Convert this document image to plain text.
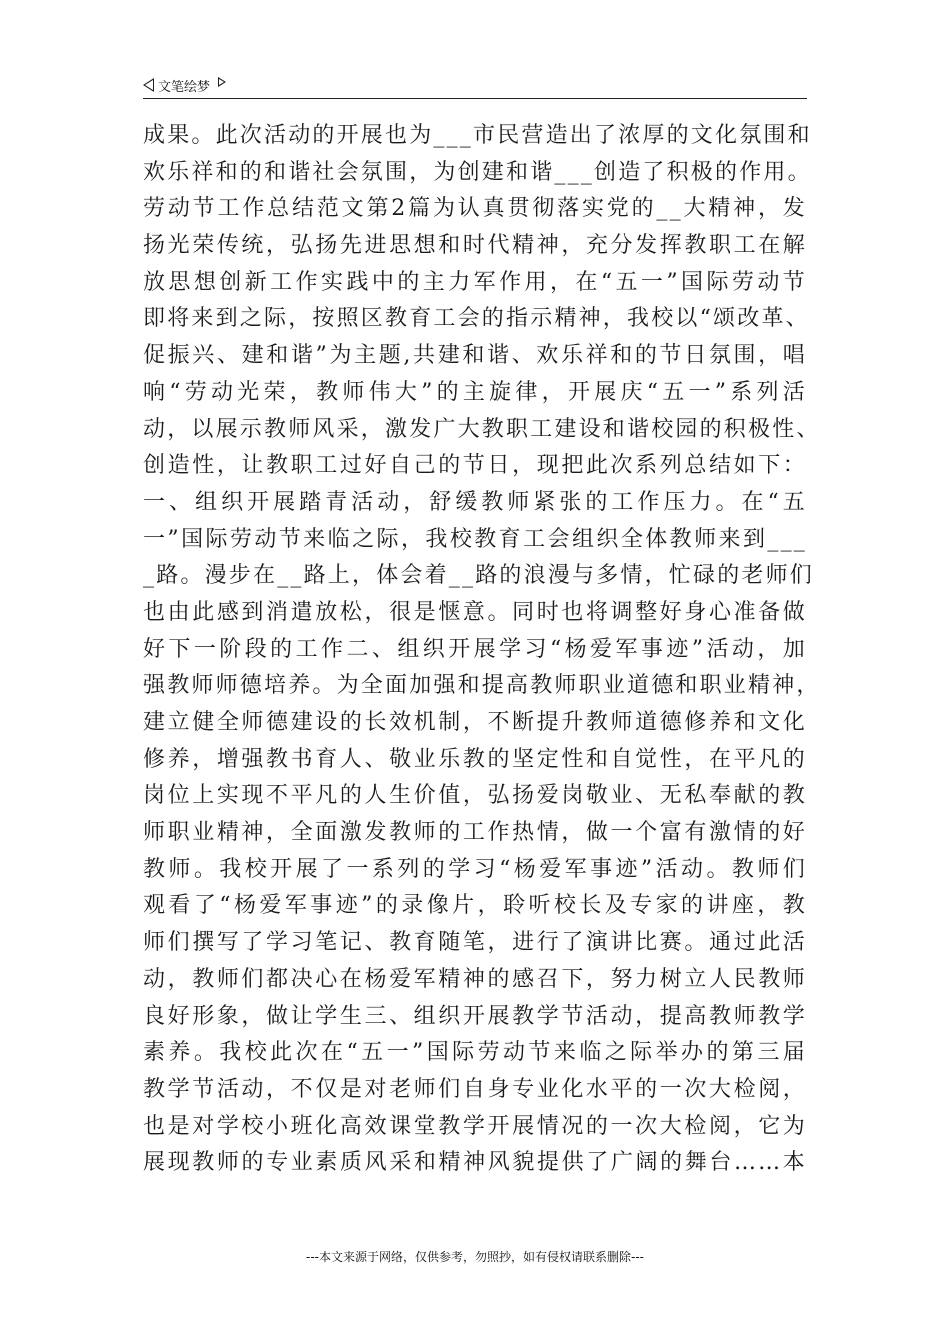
文笔绘梦
成果。此次活动的开展也为___市民营造出了浓厚的文化氛围和
欢乐祥和的和谐社会氛围，为创建和谐___创造了积极的作用。
劳动节工作总结范文第2篇为认真贯彻落实党的__大精神，发
扬光荣传统，弘扬先进思想和时代精神，充分发挥教职工在解
放思想创新工作实践中的主力军作用，在“五一”国际劳动节
即将来到之际，按照区教育工会的指示精神，我校以“颂改革、
促振兴、建和谐”为主题,共建和谐、欢乐祥和的节日氛围，唱
响“劳动光荣，教师伟大”的主旋律，开展庆“五一”系列活
动，以展示教师风采，激发广大教职工建设和谐校园的积极性、
创造性，让教职工过好自己的节日，现把此次系列总结如下：
一、组织开展踏青活动，舒缓教师紧张的工作压力。在“五
一”国际劳动节来临之际，我校教育工会组织全体教师来到___
_路。漫步在__路上，体会着__路的浪漫与多情，忙碌的老师们
也由此感到消遣放松，很是惬意。同时也将调整好身心准备做
好下一阶段的工作二、组织开展学习“杨爱军事迹”活动，加
强教师师德培养。为全面加强和提高教师职业道德和职业精神，
建立健全师德建设的长效机制，不断提升教师道德修养和文化
修养，增强教书育人、敬业乐教的坚定性和自觉性，在平凡的
岗位上实现不平凡的人生价值，弘扬爱岗敬业、无私奉献的教
师职业精神，全面激发教师的工作热情，做一个富有激情的好
教师。我校开展了一系列的学习“杨爱军事迹”活动。教师们
观看了“杨爱军事迹”的录像片，聆听校长及专家的讲座，教
师们撰写了学习笔记、教育随笔，进行了演讲比赛。通过此活
动，教师们都决心在杨爱军精神的感召下，努力树立人民教师
良好形象，做让学生三、组织开展教学节活动，提高教师教学
素养。我校此次在“五一”国际劳动节来临之际举办的第三届
教学节活动，不仅是对老师们自身专业化水平的一次大检阅，
也是对学校小班化高效课堂教学开展情况的一次大检阅，它为
展现教师的专业素质风采和精神风貌提供了广阔的舞台……本
---本文来源于网络，仅供参考，勿照抄，如有侵权请联系删除---
